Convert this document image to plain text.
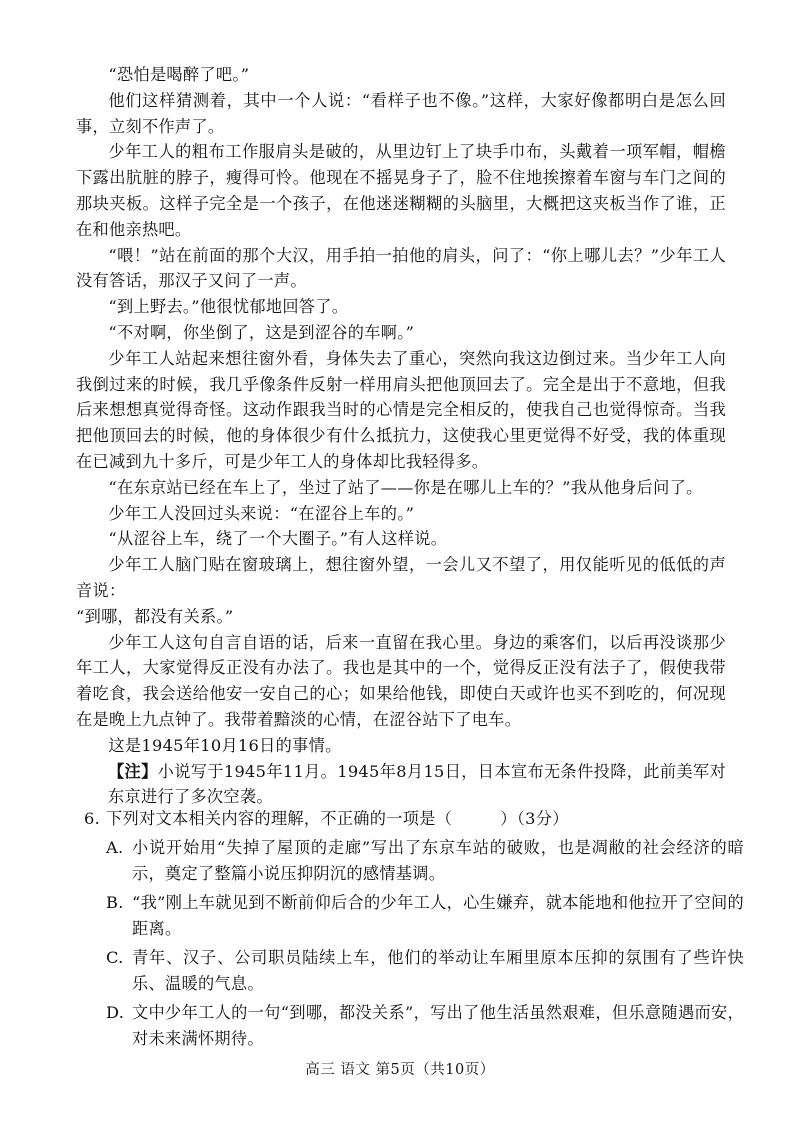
“恐怕是喝醉了吧。”

他们这样猜测着，其中一个人说：“看样子也不像。”这样，大家好像都明白是怎么回事，立刻不作声了。

少年工人的粗布工作服肩头是破的，从里边钉上了块手巾布，头戴着一项军帽，帽檐下露出肮脏的脖子，瘦得可怜。他现在不摇晃身子了，脸不住地挨擦着车窗与车门之间的那块夹板。这样子完全是一个孩子，在他迷迷糊糊的头脑里，大概把这夹板当作了谁，正在和他亲热吧。

“喂！”站在前面的那个大汉，用手拍一拍他的肩头，问了：“你上哪儿去？”少年工人没有答话，那汉子又问了一声。

“到上野去。”他很忧郁地回答了。

“不对啊，你坐倒了，这是到涩谷的车啊。”

少年工人站起来想往窗外看，身体失去了重心，突然向我这边倒过来。当少年工人向我倒过来的时候，我几乎像条件反射一样用肩头把他顶回去了。完全是出于不意地，但我后来想想真觉得奇怪。这动作跟我当时的心情是完全相反的，使我自己也觉得惊奇。当我把他顶回去的时候，他的身体很少有什么抵抗力，这使我心里更觉得不好受，我的体重现在已减到九十多斤，可是少年工人的身体却比我轻得多。

“在东京站已经在车上了，坐过了站了——你是在哪儿上车的？”我从他身后问了。

少年工人没回过头来说：“在涩谷上车的。”

“从涩谷上车，绕了一个大圈子。”有人这样说。

少年工人脑门贴在窗玻璃上，想往窗外望，一会儿又不望了，用仅能听见的低低的声音说：

“到哪，都没有关系。”

少年工人这句自言自语的话，后来一直留在我心里。身边的乘客们，以后再没谈那少年工人，大家觉得反正没有办法了。我也是其中的一个，觉得反正没有法子了，假使我带着吃食，我会送给他安一安自己的心；如果给他钱，即使白天或许也买不到吃的，何况现在是晚上九点钟了。我带着黯淡的心情，在涩谷站下了电车。

这是1945年10月16日的事情。

【注】小说写于1945年11月。1945年8月15日，日本宣布无条件投降，此前美军对东京进行了多次空袭。

6. 下列对文本相关内容的理解，不正确的一项是（	）（3分）

A. 小说开始用“失掉了屋顶的走廊”写出了东京车站的破败，也是凋敝的社会经济的暗示，奠定了整篇小说压抑阴沉的感情基调。
B. “我”刚上车就见到不断前仰后合的少年工人，心生嫌弃，就本能地和他拉开了空间的距离。
C. 青年、汉子、公司职员陆续上车，他们的举动让车厢里原本压抑的氛围有了些许快乐、温暖的气息。
D. 文中少年工人的一句“到哪，都没关系”，写出了他生活虽然艰难，但乐意随遇而安，对未来满怀期待。
高三 语文 第5页（共10页）
